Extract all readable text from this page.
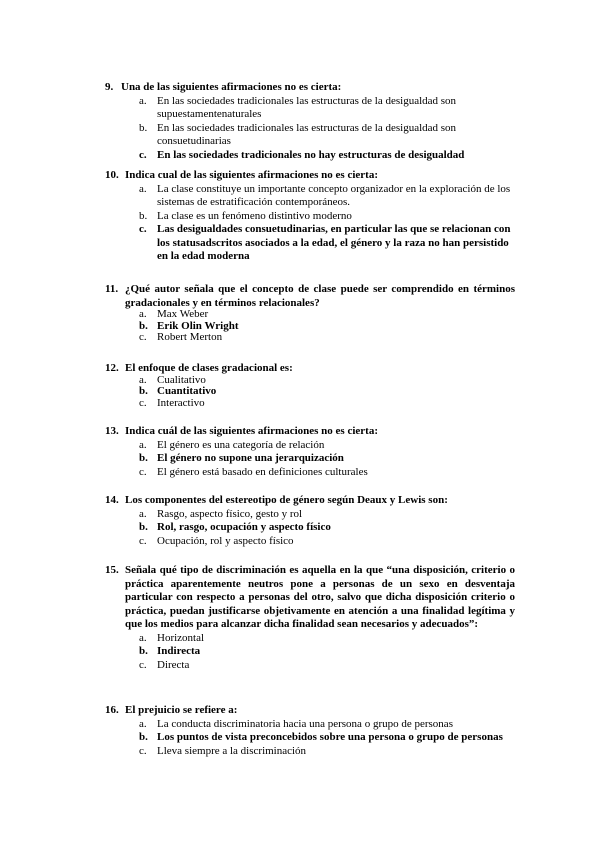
9. Una de las siguientes afirmaciones no es cierta:
a. En las sociedades tradicionales las estructuras de la desigualdad son supuestamentenaturales
b. En las sociedades tradicionales las estructuras de la desigualdad son consuetudinarias
c. En las sociedades tradicionales no hay estructuras de desigualdad
10. Indica cual de las siguientes afirmaciones no es cierta:
a. La clase constituye un importante concepto organizador en la exploración de los sistemas de estratificación contemporáneos.
b. La clase es un fenómeno distintivo moderno
c. Las desigualdades consuetudinarias, en particular las que se relacionan con los statusadscritos asociados a la edad, el género y la raza no han persistido en la edad moderna
11. ¿Qué autor señala que el concepto de clase puede ser comprendido en términos gradacionales y en términos relacionales?
a. Max Weber
b. Erik Olin Wright
c. Robert Merton
12. El enfoque de clases gradacional es:
a. Cualitativo
b. Cuantitativo
c. Interactivo
13. Indica cuál de las siguientes afirmaciones no es cierta:
a. El género es una categoría de relación
b. El género no supone una jerarquización
c. El género está basado en definiciones culturales
14. Los componentes del estereotipo de género según Deaux y Lewis son:
a. Rasgo, aspecto físico, gesto y rol
b. Rol, rasgo, ocupación y aspecto físico
c. Ocupación, rol y aspecto físico
15. Señala qué tipo de discriminación es aquella en la que “una disposición, criterio o práctica aparentemente neutros pone a personas de un sexo en desventaja particular con respecto a personas del otro, salvo que dicha disposición criterio o práctica, puedan justificarse objetivamente en atención a una finalidad legítima y que los medios para alcanzar dicha finalidad sean necesarios y adecuados”:
a. Horizontal
b. Indirecta
c. Directa
16. El prejuicio se refiere a:
a. La conducta discriminatoria hacia una persona o grupo de personas
b. Los puntos de vista preconcebidos sobre una persona o grupo de personas
c. Lleva siempre a la discriminación
